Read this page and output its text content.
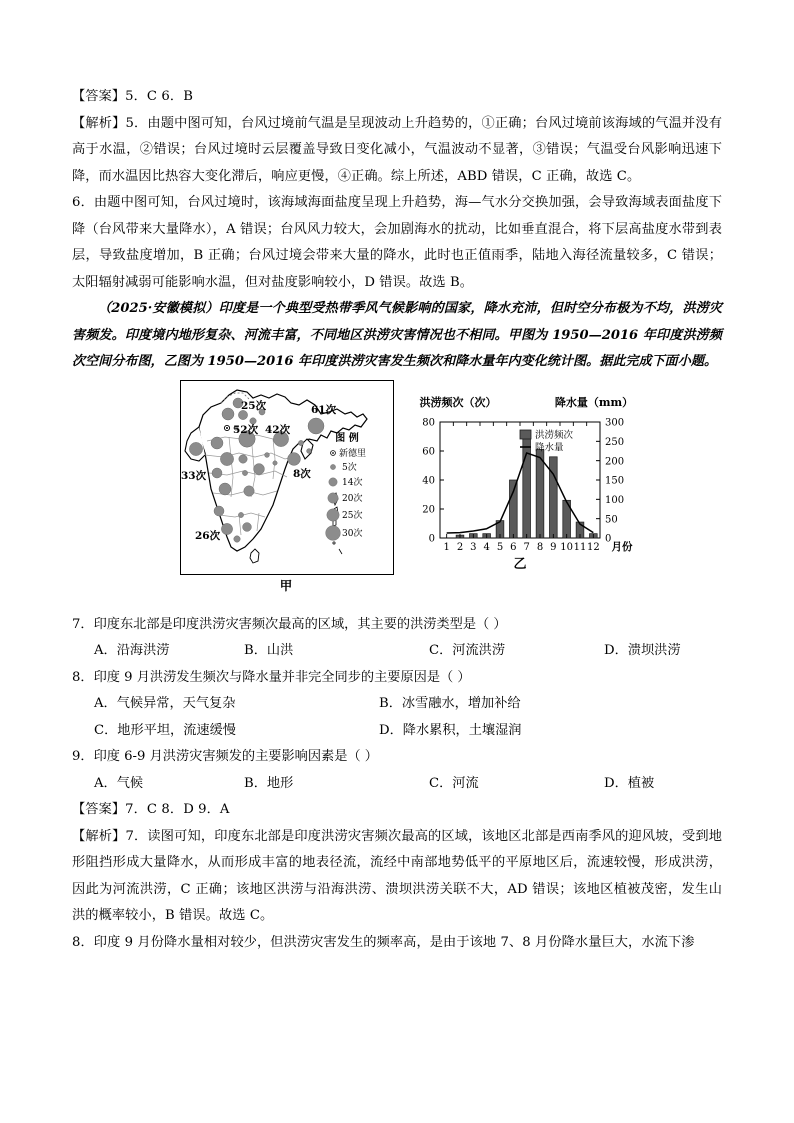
【答案】5．C 6．B

【解析】5．由题中图可知，台风过境前气温是呈现波动上升趋势的，①正确；台风过境前该海域的气温并没有高于水温，②错误；台风过境时云层覆盖导致日变化减小，气温波动不显著，③错误；气温受台风影响迅速下降，而水温因比热容大变化滞后，响应更慢，④正确。综上所述，ABD 错误，C 正确，故选 C。

6．由题中图可知，台风过境时，该海域海面盐度呈现上升趋势，海—气水分交换加强，会导致海域表面盐度下降（台风带来大量降水），A 错误；台风风力较大，会加剧海水的扰动，比如垂直混合，将下层高盐度水带到表层，导致盐度增加，B 正确；台风过境会带来大量的降水，此时也正值雨季，陆地入海径流量较多，C 错误；太阳辐射减弱可能影响水温，但对盐度影响较小，D 错误。故选 B。

（2025·安徽模拟）印度是一个典型受热带季风气候影响的国家，降水充沛，但时空分布极为不均，洪涝灾害频发。印度境内地形复杂、河流丰富，不同地区洪涝灾害情况也不相同。甲图为 1950—2016 年印度洪涝频次空间分布图，乙图为 1950—2016 年印度洪涝灾害发生频次和降水量年内变化统计图。据此完成下面小题。

25次
52次 42次
61次
33次	8次
26次
图 例
新德里
5次
14次
20次
25次
30次
甲
洪涝频次（次）	降水量（mm）
0
20
40
60
80
0
50
100
150
200
250
300
1 2 3 4 5 6 7 8 9 10 11 12 月份
乙
洪涝频次
降水量

7．印度东北部是印度洪涝灾害频次最高的区域，其主要的洪涝类型是（ ）

A．沿海洪涝	B．山洪	C．河流洪涝	D．溃坝洪涝

8．印度 9 月洪涝发生频次与降水量并非完全同步的主要原因是（ ）

A．气候异常，天气复杂	B．冰雪融水，增加补给
C．地形平坦，流速缓慢	D．降水累积，土壤湿润

9．印度 6-9 月洪涝灾害频发的主要影响因素是（ ）

A．气候	B．地形	C．河流	D．植被

【答案】7．C 8．D 9．A

【解析】7．读图可知，印度东北部是印度洪涝灾害频次最高的区域，该地区北部是西南季风的迎风坡，受到地形阻挡形成大量降水，从而形成丰富的地表径流，流经中南部地势低平的平原地区后，流速较慢，形成洪涝，因此为河流洪涝，C 正确；该地区洪涝与沿海洪涝、溃坝洪涝关联不大，AD 错误；该地区植被茂密，发生山洪的概率较小，B 错误。故选 C。

8．印度 9 月份降水量相对较少，但洪涝灾害发生的频率高，是由于该地 7、8 月份降水量巨大，水流下渗
